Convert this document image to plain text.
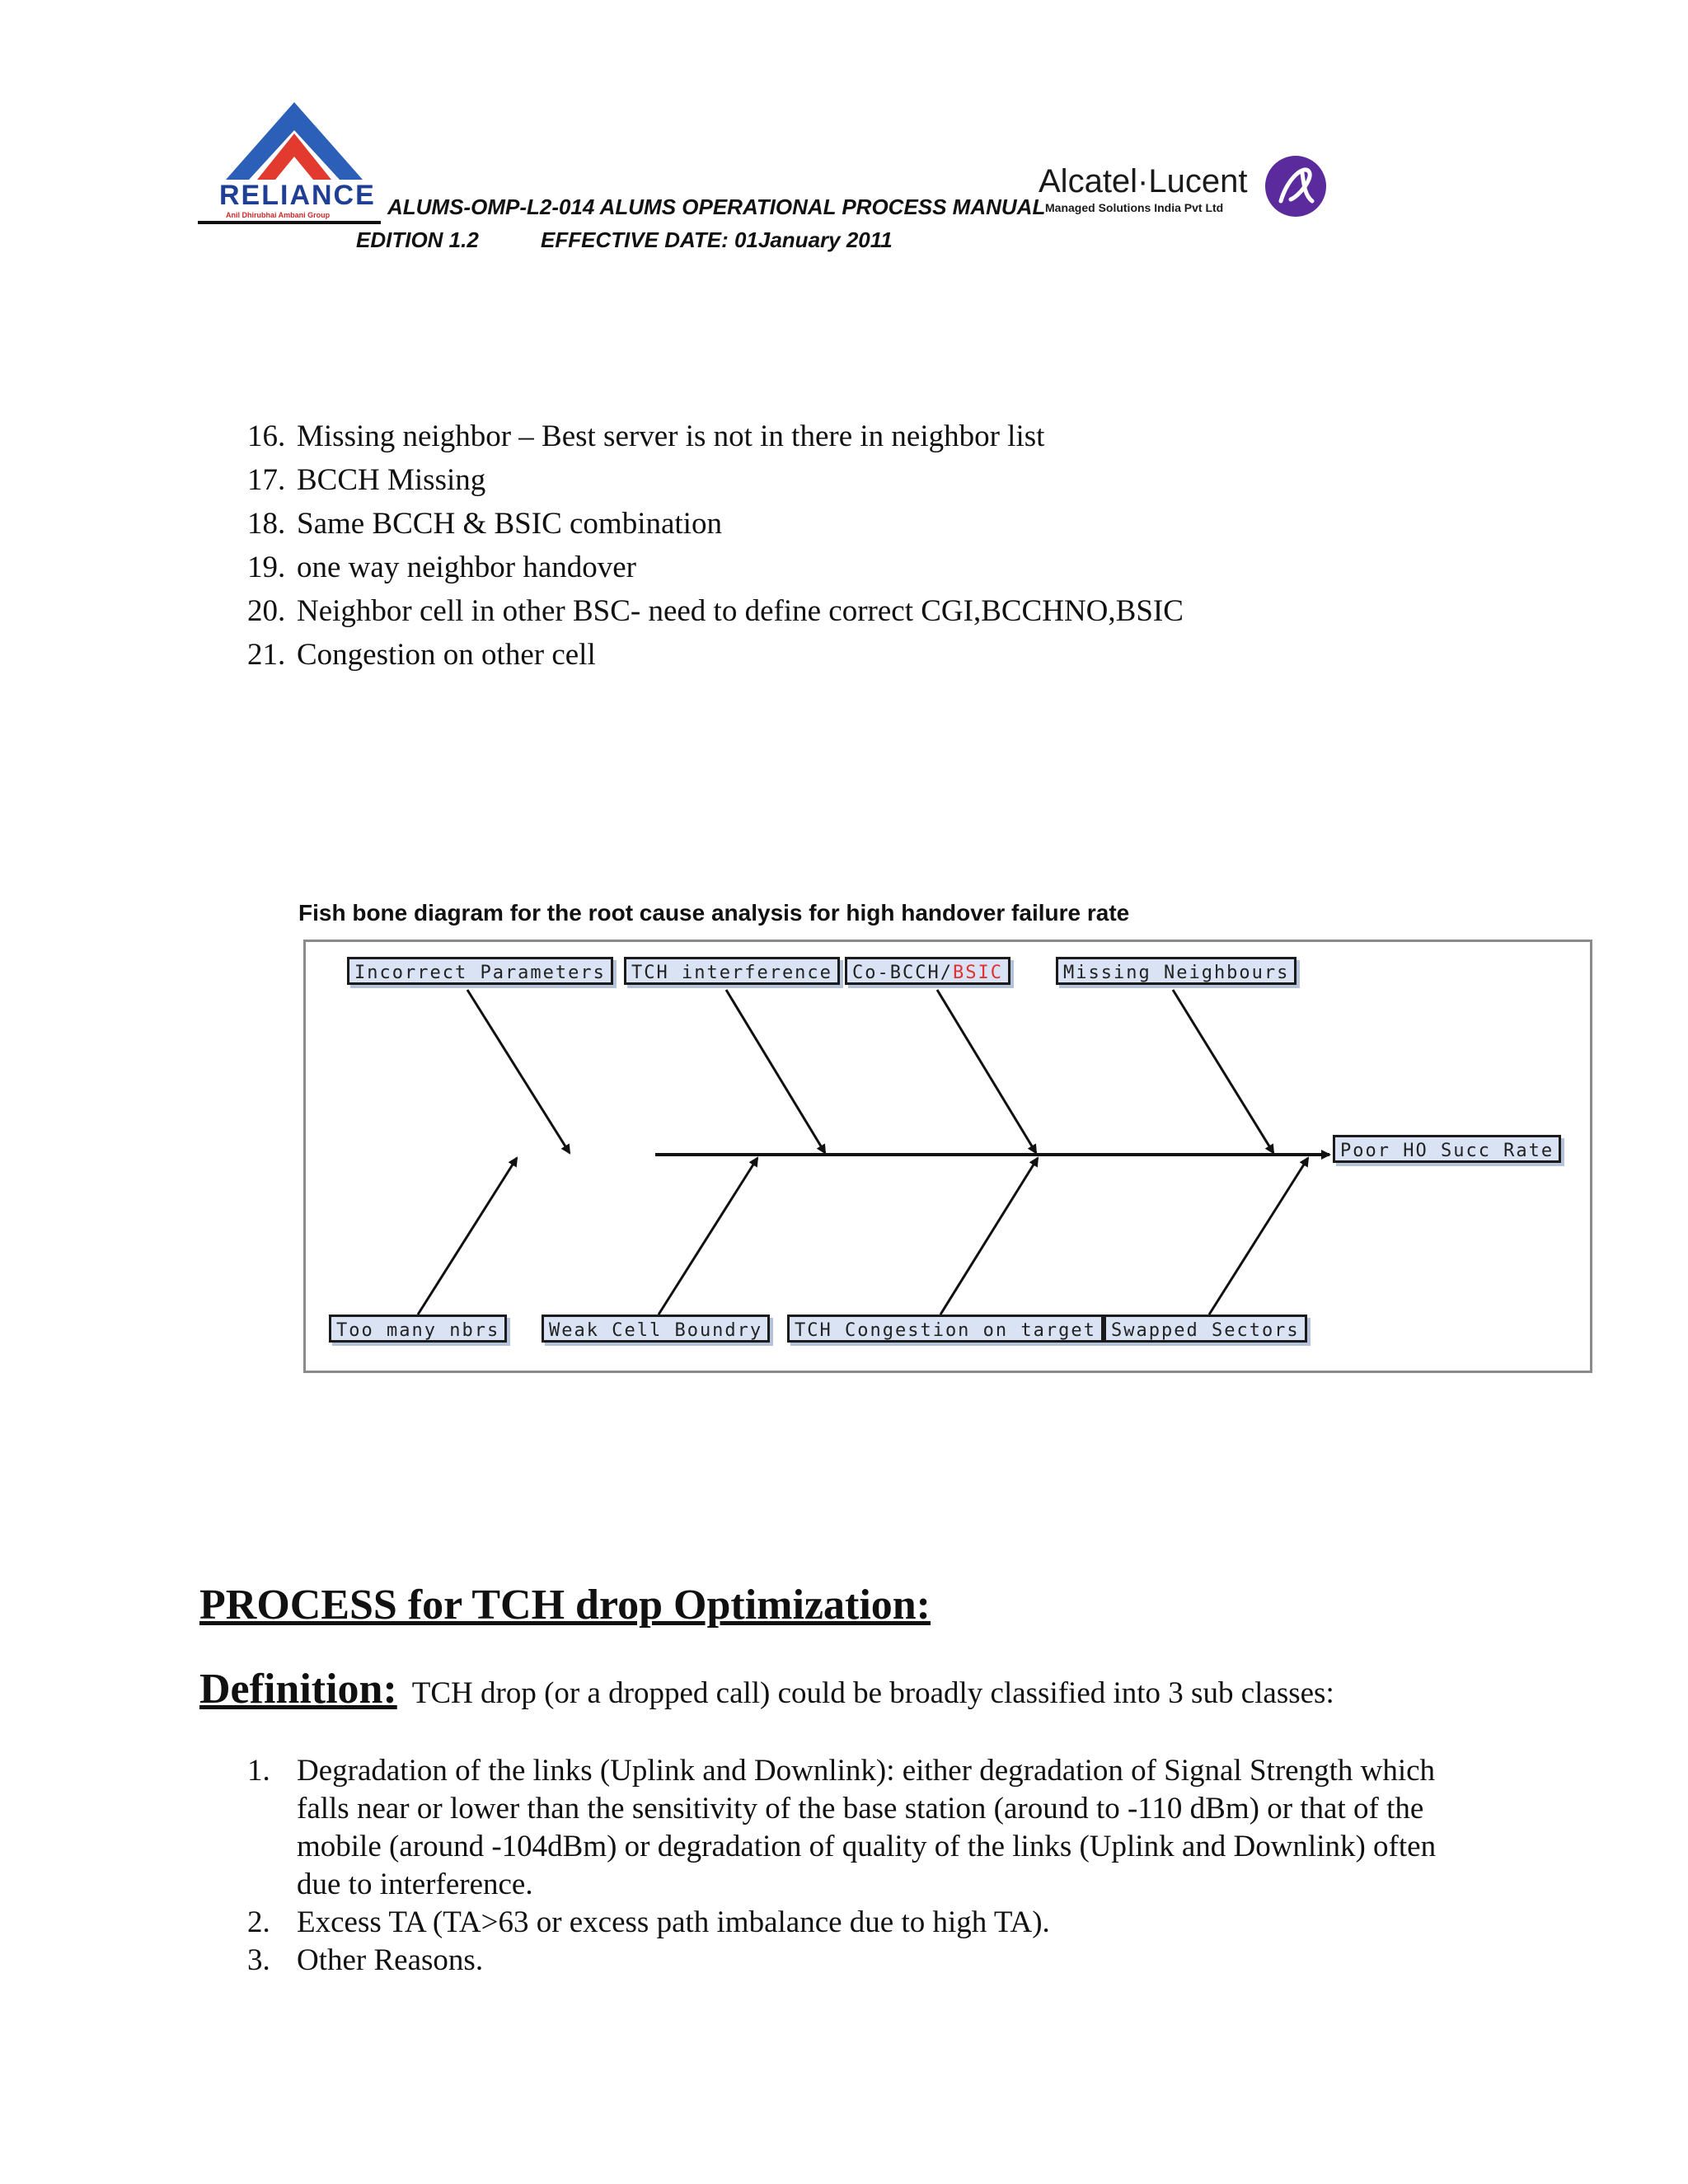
RELIANCE
Anil Dhirubhai Ambani Group	ALUMS-OMP-L2-014 ALUMS OPERATIONAL PROCESS MANUAL
EDITION 1.2	EFFECTIVE DATE: 01January 2011
Alcatel·Lucent
Managed Solutions India Pvt Ltd
16. Missing neighbor – Best server is not in there in neighbor list
17. BCCH Missing
18. Same BCCH & BSIC combination
19. one way neighbor handover
20. Neighbor cell in other BSC- need to define correct CGI,BCCHNO,BSIC
21. Congestion on other cell
Fish bone diagram for the root cause analysis for high handover failure rate
Incorrect Parameters	TCH interference	Co-BCCH/BSIC	Missing Neighbours
Poor HO Succ Rate
Too many nbrs	Weak Cell Boundry	TCH Congestion on target Swapped Sectors
PROCESS for TCH drop Optimization:
Definition: TCH drop (or a dropped call) could be broadly classified into 3 sub classes:
1. Degradation of the links (Uplink and Downlink): either degradation of Signal Strength which falls near or lower than the sensitivity of the base station (around to -110 dBm) or that of the mobile (around -104dBm) or degradation of quality of the links (Uplink and Downlink) often due to interference.
2. Excess TA (TA>63 or excess path imbalance due to high TA).
3. Other Reasons.
